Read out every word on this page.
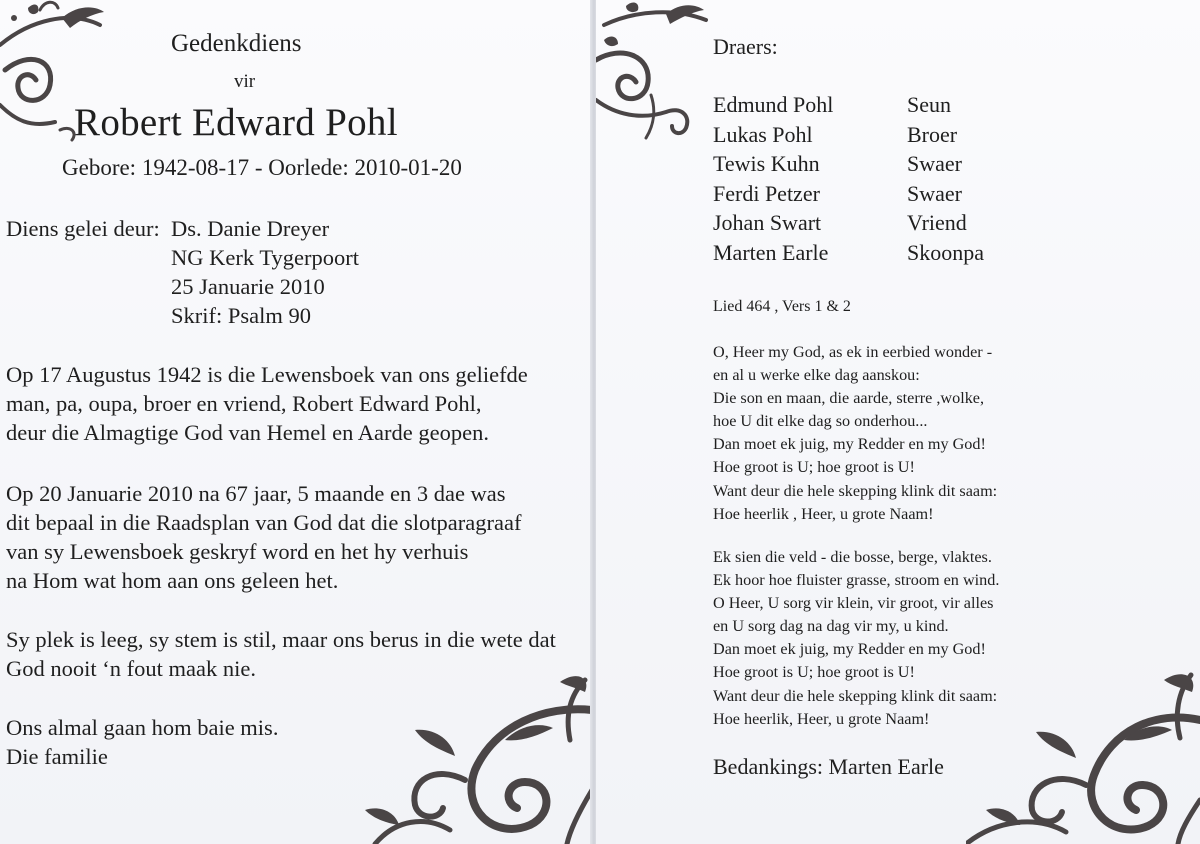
Gedenkdiens
vir
Robert Edward Pohl
Gebore: 1942-08-17 - Oorlede: 2010-01-20
Diens gelei deur: Ds. Danie Dreyer
NG Kerk Tygerpoort
25 Januarie 2010
Skrif: Psalm 90
Op 17 Augustus 1942 is die Lewensboek van ons geliefde
man, pa, oupa, broer en vriend, Robert Edward Pohl,
deur die Almagtige God van Hemel en Aarde geopen.
Op 20 Januarie 2010 na 67 jaar, 5 maande en 3 dae was
dit bepaal in die Raadsplan van God dat die slotparagraaf
van sy Lewensboek geskryf word en het hy verhuis
na Hom wat hom aan ons geleen het.
Sy plek is leeg, sy stem is stil, maar ons berus in die wete dat
God nooit ‘n fout maak nie.
Ons almal gaan hom baie mis.
Die familie
Draers:
Edmund Pohl	Seun
Lukas Pohl	Broer
Tewis Kuhn	Swaer
Ferdi Petzer	Swaer
Johan Swart	Vriend
Marten Earle	Skoonpa
Lied 464 , Vers 1 & 2
O, Heer my God, as ek in eerbied wonder -
en al u werke elke dag aanskou:
Die son en maan, die aarde, sterre ,wolke,
hoe U dit elke dag so onderhou...
Dan moet ek juig, my Redder en my God!
Hoe groot is U; hoe groot is U!
Want deur die hele skepping klink dit saam:
Hoe heerlik , Heer, u grote Naam!
Ek sien die veld - die bosse, berge, vlaktes.
Ek hoor hoe fluister grasse, stroom en wind.
O Heer, U sorg vir klein, vir groot, vir alles
en U sorg dag na dag vir my, u kind.
Dan moet ek juig, my Redder en my God!
Hoe groot is U; hoe groot is U!
Want deur die hele skepping klink dit saam:
Hoe heerlik, Heer, u grote Naam!
Bedankings: Marten Earle
